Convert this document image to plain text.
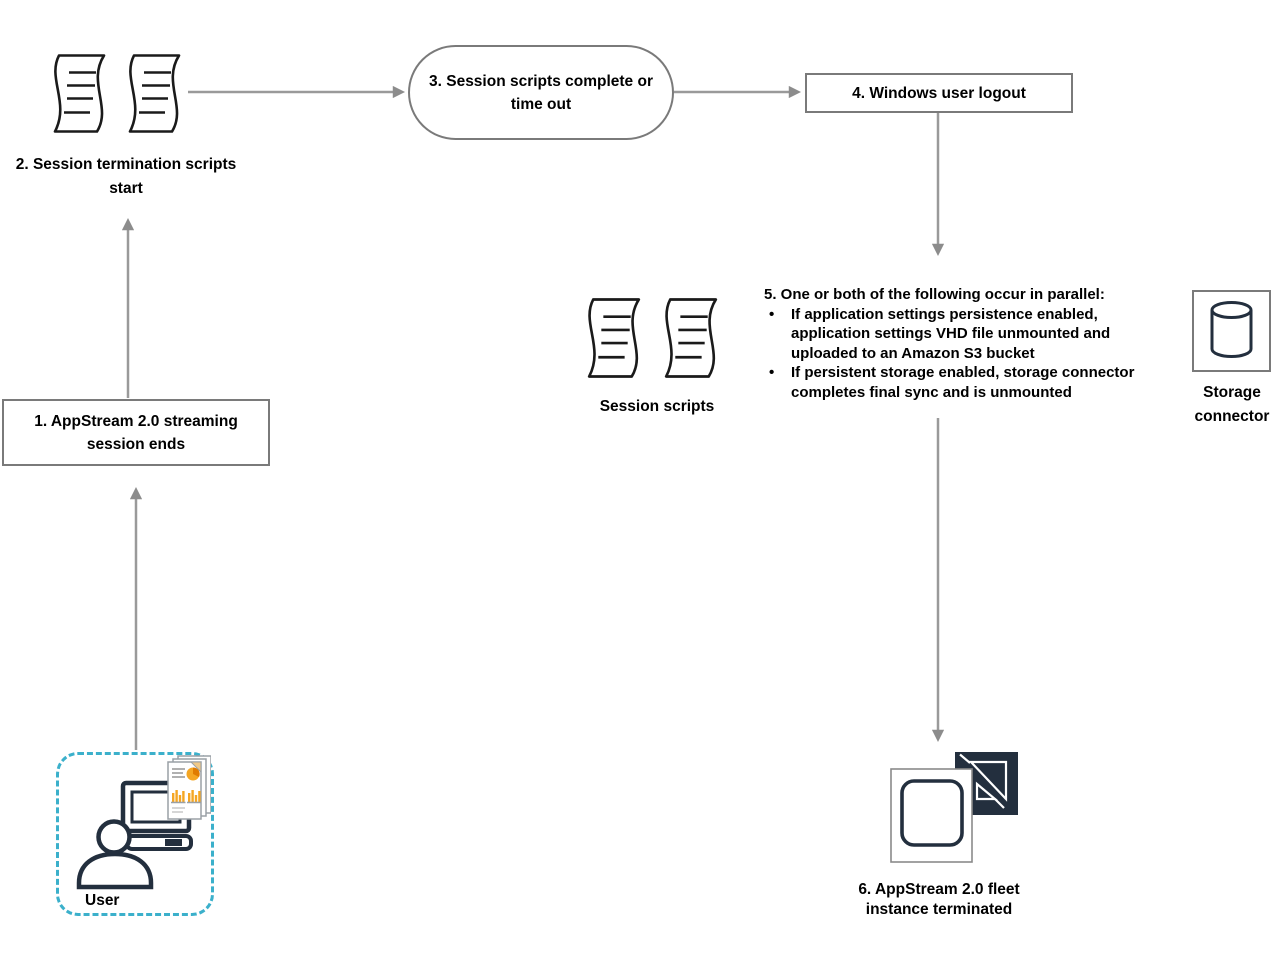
2. Session termination scripts start
3. Session scripts complete or time out
4. Windows user logout
5. One or both of the following occur in parallel:
•	If application settings persistence enabled, application settings VHD file unmounted and uploaded to an Amazon S3 bucket
•	If persistent storage enabled, storage connector completes final sync and is unmounted
Session scripts
Storage connector
6. AppStream 2.0 fleet instance terminated
1. AppStream 2.0 streaming session ends
User
